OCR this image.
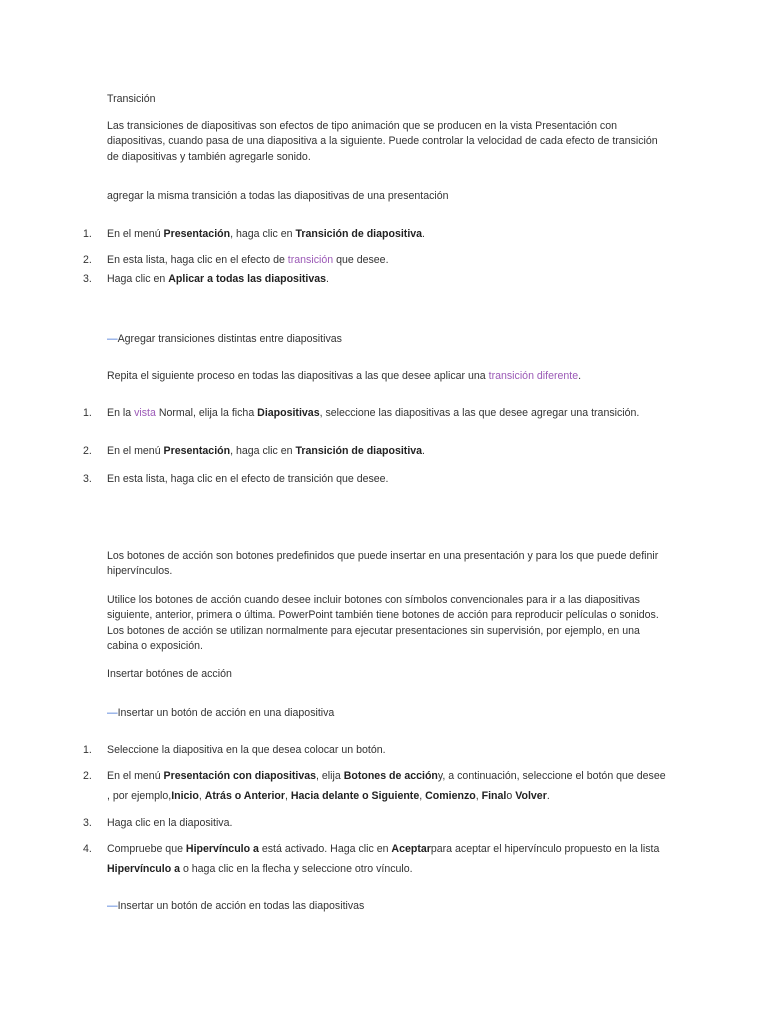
Transición
Las transiciones de diapositivas son efectos de tipo animación que se producen en la vista Presentación con diapositivas, cuando pasa de una diapositiva a la siguiente. Puede controlar la velocidad de cada efecto de transición de diapositivas y también agregarle sonido.
agregar la misma transición a todas las diapositivas de una presentación
1. En el menú Presentación, haga clic en Transición de diapositiva.
2. En esta lista, haga clic en el efecto de transición que desee.
3. Haga clic en Aplicar a todas las diapositivas.
—Agregar transiciones distintas entre diapositivas
Repita el siguiente proceso en todas las diapositivas a las que desee aplicar una transición diferente.
1. En la vista Normal, elija la ficha Diapositivas, seleccione las diapositivas a las que desee agregar una transición.
2. En el menú Presentación, haga clic en Transición de diapositiva.
3. En esta lista, haga clic en el efecto de transición que desee.
Los botones de acción son botones predefinidos que puede insertar en una presentación y para los que puede definir hipervínculos.
Utilice los botones de acción cuando desee incluir botones con símbolos convencionales para ir a las diapositivas siguiente, anterior, primera o última. PowerPoint también tiene botones de acción para reproducir películas o sonidos. Los botones de acción se utilizan normalmente para ejecutar presentaciones sin supervisión, por ejemplo, en una cabina o exposición.
Insertar botónes de acción
—Insertar un botón de acción en una diapositiva
1. Seleccione la diapositiva en la que desea colocar un botón.
2. En el menú Presentación con diapositivas, elija Botones de accióny, a continuación, seleccione el botón que desee , por ejemplo,Inicio, Atrás o Anterior, Hacia delante o Siguiente, Comienzo, Finalo Volver.
3. Haga clic en la diapositiva.
4. Compruebe que Hipervínculo a está activado. Haga clic en Aceptarpara aceptar el hipervínculo propuesto en la lista Hipervínculo a o haga clic en la flecha y seleccione otro vínculo.
—Insertar un botón de acción en todas las diapositivas
